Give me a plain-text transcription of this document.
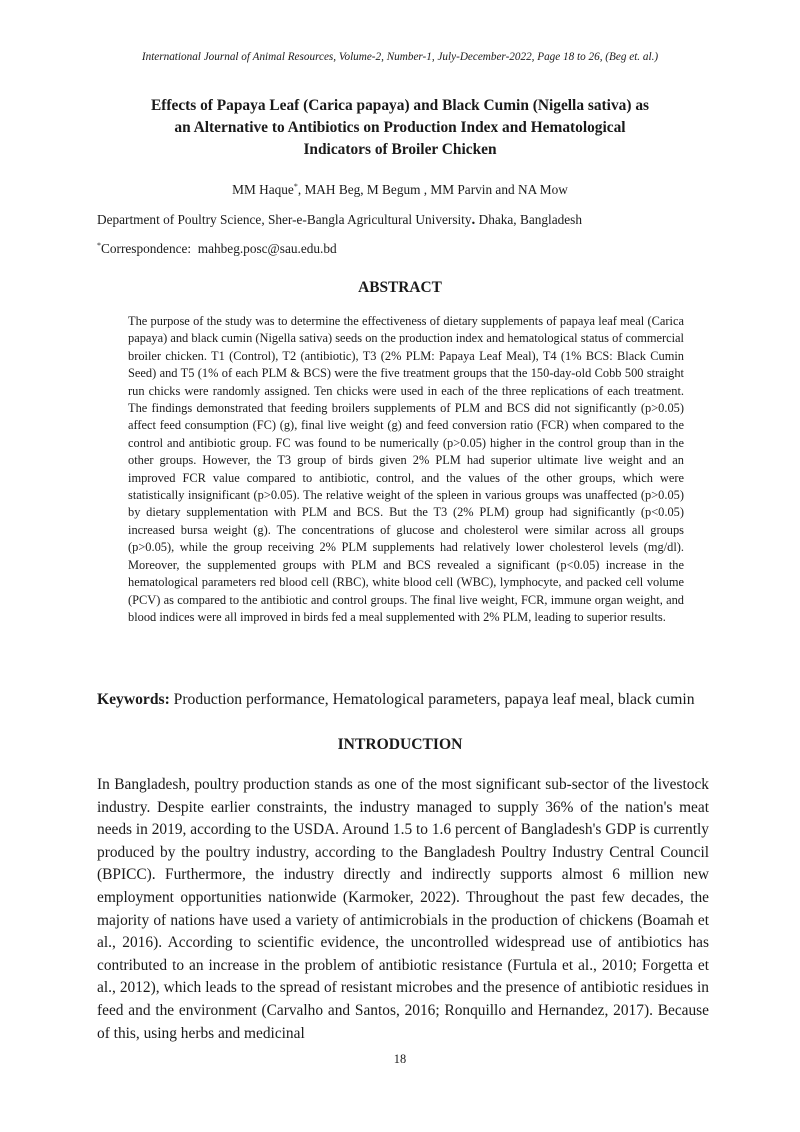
International Journal of Animal Resources, Volume-2, Number-1, July-December-2022, Page 18 to 26, (Beg et. al.)
Effects of Papaya Leaf (Carica papaya) and Black Cumin (Nigella sativa) as an Alternative to Antibiotics on Production Index and Hematological Indicators of Broiler Chicken
MM Haque*, MAH Beg, M Begum , MM Parvin and NA Mow
Department of Poultry Science, Sher-e-Bangla Agricultural University. Dhaka, Bangladesh
*Correspondence: mahbeg.posc@sau.edu.bd
ABSTRACT

The purpose of the study was to determine the effectiveness of dietary supplements of papaya leaf meal (Carica papaya) and black cumin (Nigella sativa) seeds on the production index and hematological status of commercial broiler chicken. T1 (Control), T2 (antibiotic), T3 (2% PLM: Papaya Leaf Meal), T4 (1% BCS: Black Cumin Seed) and T5 (1% of each PLM & BCS) were the five treatment groups that the 150-day-old Cobb 500 straight run chicks were randomly assigned. Ten chicks were used in each of the three replications of each treatment. The findings demonstrated that feeding broilers supplements of PLM and BCS did not significantly (p>0.05) affect feed consumption (FC) (g), final live weight (g) and feed conversion ratio (FCR) when compared to the control and antibiotic group. FC was found to be numerically (p>0.05) higher in the control group than in the other groups. However, the T3 group of birds given 2% PLM had superior ultimate live weight and an improved FCR value compared to antibiotic, control, and the values of the other groups, which were statistically insignificant (p>0.05). The relative weight of the spleen in various groups was unaffected (p>0.05) by dietary supplementation with PLM and BCS. But the T3 (2% PLM) group had significantly (p<0.05) increased bursa weight (g). The concentrations of glucose and cholesterol were similar across all groups (p>0.05), while the group receiving 2% PLM supplements had relatively lower cholesterol levels (mg/dl). Moreover, the supplemented groups with PLM and BCS revealed a significant (p<0.05) increase in the hematological parameters red blood cell (RBC), white blood cell (WBC), lymphocyte, and packed cell volume (PCV) as compared to the antibiotic and control groups. The final live weight, FCR, immune organ weight, and blood indices were all improved in birds fed a meal supplemented with 2% PLM, leading to superior results.

Keywords: Production performance, Hematological parameters, papaya leaf meal, black cumin
INTRODUCTION

In Bangladesh, poultry production stands as one of the most significant sub-sector of the livestock industry. Despite earlier constraints, the industry managed to supply 36% of the nation's meat needs in 2019, according to the USDA. Around 1.5 to 1.6 percent of Bangladesh's GDP is currently produced by the poultry industry, according to the Bangladesh Poultry Industry Central Council (BPICC). Furthermore, the industry directly and indirectly supports almost 6 million new employment opportunities nationwide (Karmoker, 2022). Throughout the past few decades, the majority of nations have used a variety of antimicrobials in the production of chickens (Boamah et al., 2016). According to scientific evidence, the uncontrolled widespread use of antibiotics has contributed to an increase in the problem of antibiotic resistance (Furtula et al., 2010; Forgetta et al., 2012), which leads to the spread of resistant microbes and the presence of antibiotic residues in feed and the environment (Carvalho and Santos, 2016; Ronquillo and Hernandez, 2017). Because of this, using herbs and medicinal

18
